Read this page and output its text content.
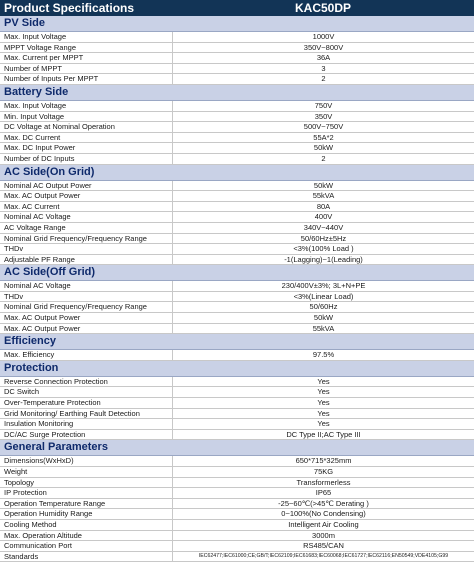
Product Specifications	KAC50DP
PV Side
Max. Input Voltage	1000V
MPPT Voltage Range	350V~800V
Max. Current per MPPT	36A
Number of MPPT	3
Number of Inputs Per MPPT	2
Battery Side
Max. Input Voltage	750V
Min. Input Voltage	350V
DC Voltage at Nominal Operation	500V~750V
Max. DC Current	55A*2
Max. DC Input Power	50kW
Number of DC Inputs	2
AC Side(On Grid)
Nominal AC Output Power	50kW
Max. AC Output Power	55kVA
Max. AC Current	80A
Nominal AC Voltage	400V
AC Voltage Range	340V~440V
Nominal Grid Frequency/Frequency Range	50/60Hz±5Hz
THDv	<3%(100% Load )
Adjustable PF Range	-1(Lagging)~1(Leading)
AC Side(Off Grid)
Nominal AC Voltage	230/400V±3%; 3L+N+PE
THDv	<3%(Linear Load)
Nominal Grid Frequency/Frequency Range	50/60Hz
Max. AC Output Power	50kW
Max. AC Output Power	55kVA
Efficiency
Max. Efficiency	97.5%
Protection
Reverse Connection Protection	Yes
DC Switch	Yes
Over-Temperature Protection	Yes
Grid Monitoring/ Earthing Fault Detection	Yes
Insulation Monitoring	Yes
DC/AC Surge Protection	DC Type II;AC Type III
General Parameters
Dimensions(WxHxD)	650*715*325mm
Weight	75KG
Topology	Transformerless
IP Protection	IP65
Operation Temperature Range	-25~60℃(>45℃ Derating )
Operation Humidity Range	0~100%(No Condensing)
Cooling Method	Intelligent Air Cooling
Max. Operation Altitude	3000m
Communication Port	RS485/CAN
Standards	IEC62477;IEC61000;CE;GB/T;IEC62109;IEC61683;IEC60068;IEC61727;IEC62116;EN50549;VDE4105;G99
